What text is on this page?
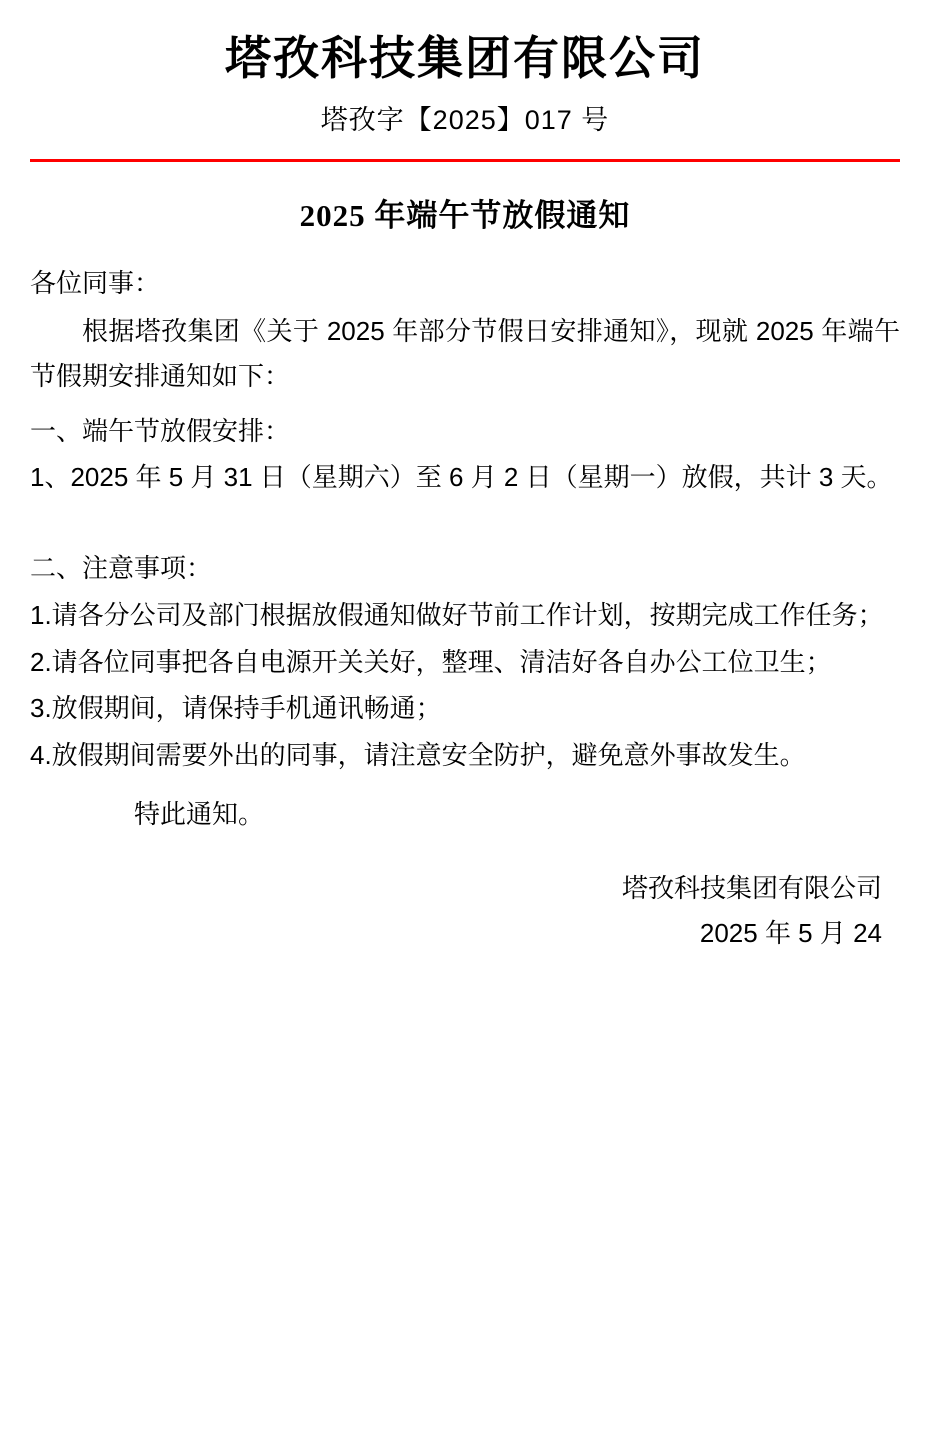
塔孜科技集团有限公司
塔孜字【2025】017 号
2025 年端午节放假通知

各位同事：

根据塔孜集团《关于 2025 年部分节假日安排通知》，现就 2025 年端午节假期安排通知如下：

一、端午节放假安排：

1、2025 年 5 月 31 日（星期六）至 6 月 2 日（星期一）放假，共计 3 天。

二、注意事项：

1.请各分公司及部门根据放假通知做好节前工作计划，按期完成工作任务；

2.请各位同事把各自电源开关关好，整理、清洁好各自办公工位卫生；

3.放假期间，请保持手机通讯畅通；

4.放假期间需要外出的同事，请注意安全防护，避免意外事故发生。

特此通知。

塔孜科技集团有限公司
2025 年 5 月 24
